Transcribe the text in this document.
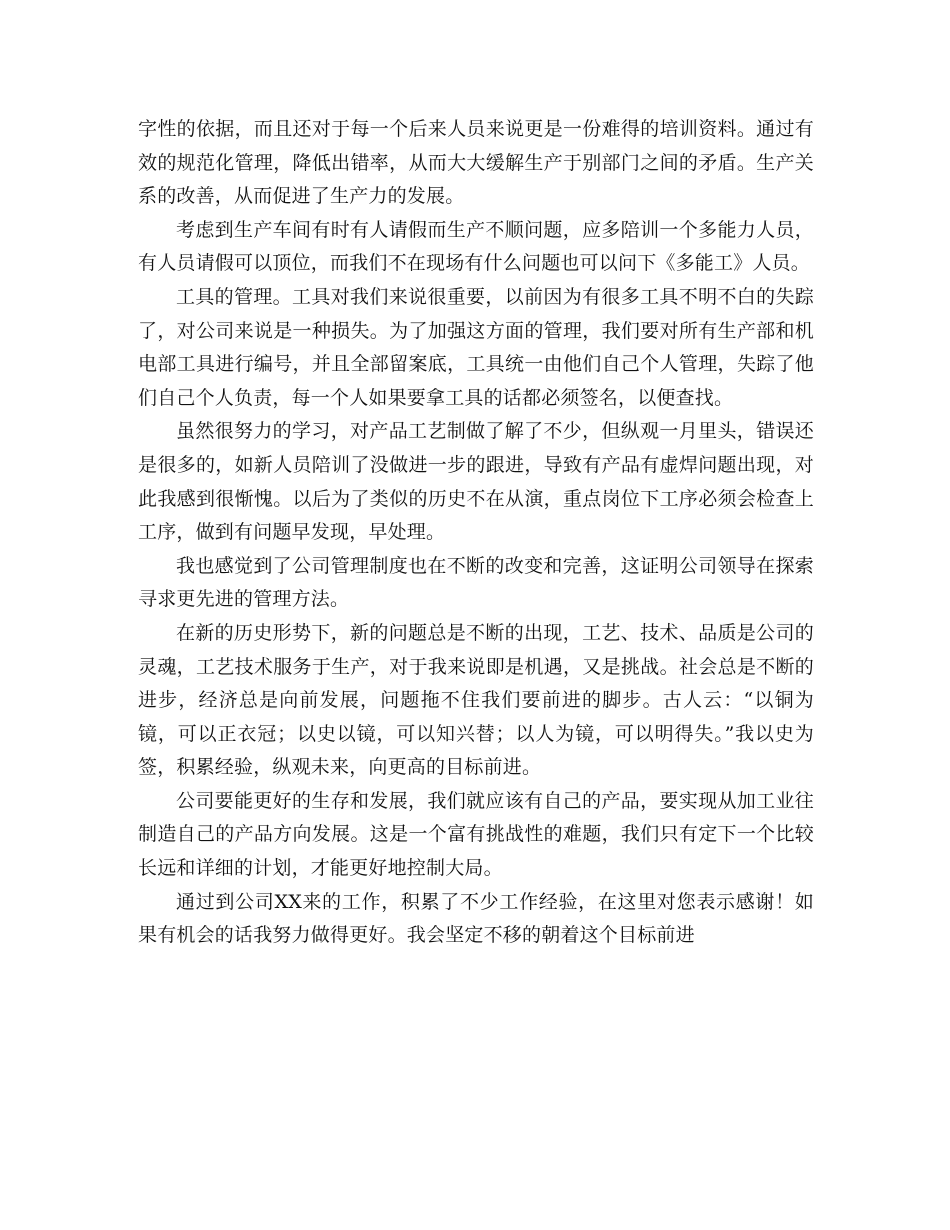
字性的依据，而且还对于每一个后来人员来说更是一份难得的培训资料。通过有效的规范化管理，降低出错率，从而大大缓解生产于别部门之间的矛盾。生产关系的改善，从而促进了生产力的发展。

考虑到生产车间有时有人请假而生产不顺问题，应多陪训一个多能力人员，有人员请假可以顶位，而我们不在现场有什么问题也可以问下《多能工》人员。

工具的管理。工具对我们来说很重要，以前因为有很多工具不明不白的失踪了，对公司来说是一种损失。为了加强这方面的管理，我们要对所有生产部和机电部工具进行编号，并且全部留案底，工具统一由他们自己个人管理，失踪了他们自己个人负责，每一个人如果要拿工具的话都必须签名，以便查找。

虽然很努力的学习，对产品工艺制做了解了不少，但纵观一月里头，错误还是很多的，如新人员陪训了没做进一步的跟进，导致有产品有虚焊问题出现，对此我感到很惭愧。以后为了类似的历史不在从演，重点岗位下工序必须会检查上工序，做到有问题早发现，早处理。

我也感觉到了公司管理制度也在不断的改变和完善，这证明公司领导在探索寻求更先进的管理方法。

在新的历史形势下，新的问题总是不断的出现，工艺、技术、品质是公司的灵魂，工艺技术服务于生产，对于我来说即是机遇，又是挑战。社会总是不断的进步，经济总是向前发展，问题拖不住我们要前进的脚步。古人云：“以铜为镜，可以正衣冠；以史以镜，可以知兴替；以人为镜，可以明得失。”我以史为签，积累经验，纵观未来，向更高的目标前进。

公司要能更好的生存和发展，我们就应该有自己的产品，要实现从加工业往制造自己的产品方向发展。这是一个富有挑战性的难题，我们只有定下一个比较长远和详细的计划，才能更好地控制大局。

通过到公司XX来的工作，积累了不少工作经验，在这里对您表示感谢！如果有机会的话我努力做得更好。我会坚定不移的朝着这个目标前进
